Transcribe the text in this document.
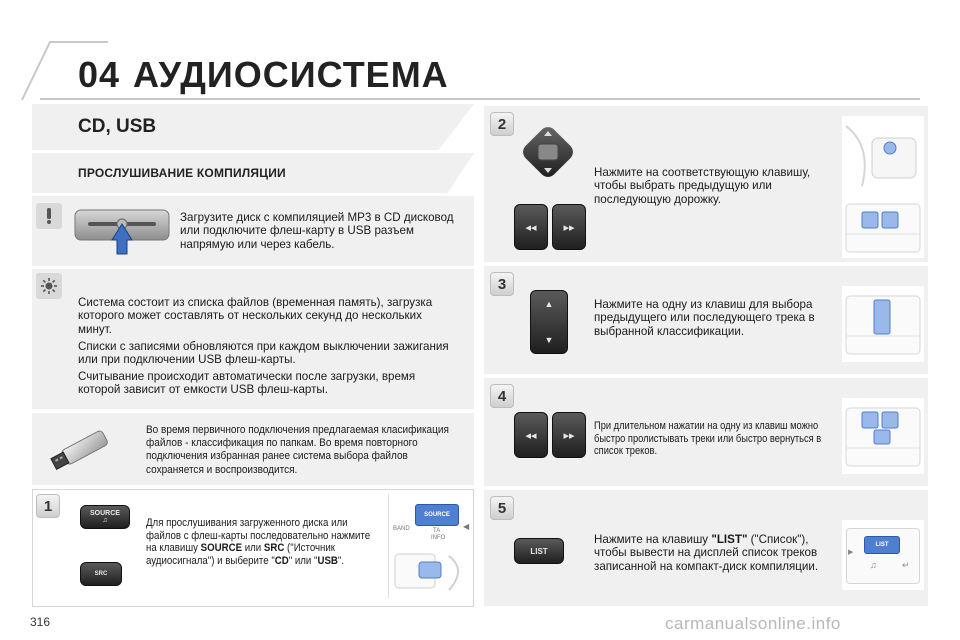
04 АУДИОСИСТЕМА
CD, USB
ПРОСЛУШИВАНИЕ КОМПИЛЯЦИИ
Загрузите диск с компиляцией MP3 в CD дисковод или подключите флеш-карту в USB разъем напрямую или через кабель.
Система состоит из списка файлов (временная память), загрузка которого может составлять от нескольких секунд до нескольких минут.
Списки с записями обновляются при каждом выключении зажигания или при подключении USB флеш-карты.
Считывание происходит автоматически после загрузки, время которой зависит от емкости USB флеш-карты.
Во время первичного подключения предлагаемая класификация файлов - классификация по папкам. Во время повторного подключения избранная ранее система выбора файлов сохраняется и воспроизводится.
1	SOURCE
♫
SRC
Для прослушивания загруженного диска или файлов с флеш-карты последовательно нажмите на клавишу SOURCE или SRC ("Источник аудиосигнала") и выберите "CD" или "USB".
BAND
SOURCE
TA
INFO
◀
2
◂◂	▸▸
Нажмите на соответствующую клавишу, чтобы выбрать предыдущую или последующую дорожку.
3
▲
▼
Нажмите на одну из клавиш для выбора предыдущего или последующего трека в выбранной классификации.
4
◂◂	▸▸
При длительном нажатии на одну из клавиш можно быстро пролистывать треки или быстро вернуться в список треков.
5
LIST
Нажмите на клавишу "LIST" ("Список"), чтобы вывести на дисплей список треков записанной на компакт-диск компиляции.
LIST
▶
♫	↵
316	carmanualsonline.info
